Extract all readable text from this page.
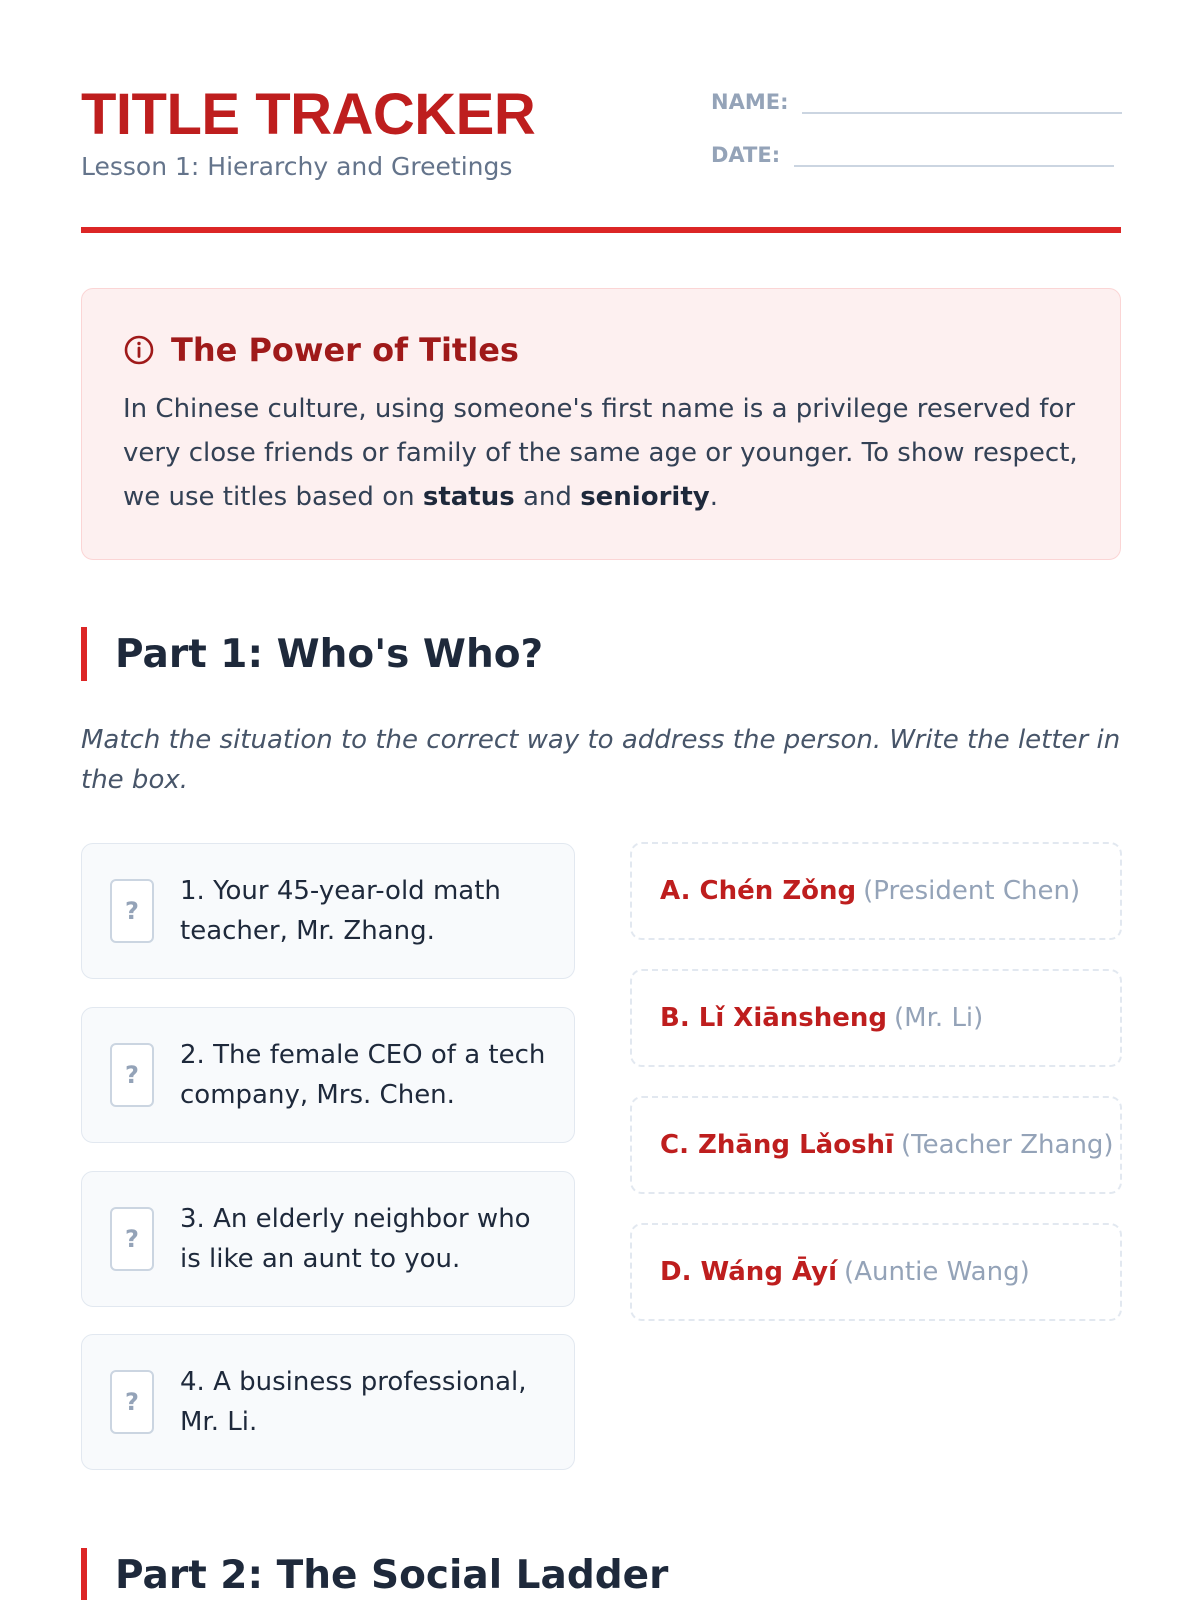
TITLE TRACKER
Lesson 1: Hierarchy and Greetings
NAME:
DATE:
The Power of Titles

In Chinese culture, using someone's first name is a privilege reserved for very close friends or family of the same age or younger. To show respect, we use titles based on status and seniority.

Part 1: Who's Who?

Match the situation to the correct way to address the person. Write the letter in the box.

?
1. Your 45-year-old math teacher, Mr. Zhang.
?
2. The female CEO of a tech company, Mrs. Chen.
?
3. An elderly neighbor who is like an aunt to you.
?
4. A business professional, Mr. Li.
A. Chén Zǒng (President Chen)
B. Lǐ Xiānsheng (Mr. Li)
C. Zhāng Lǎoshī (Teacher Zhang)
D. Wáng Āyí (Auntie Wang)
Part 2: The Social Ladder
